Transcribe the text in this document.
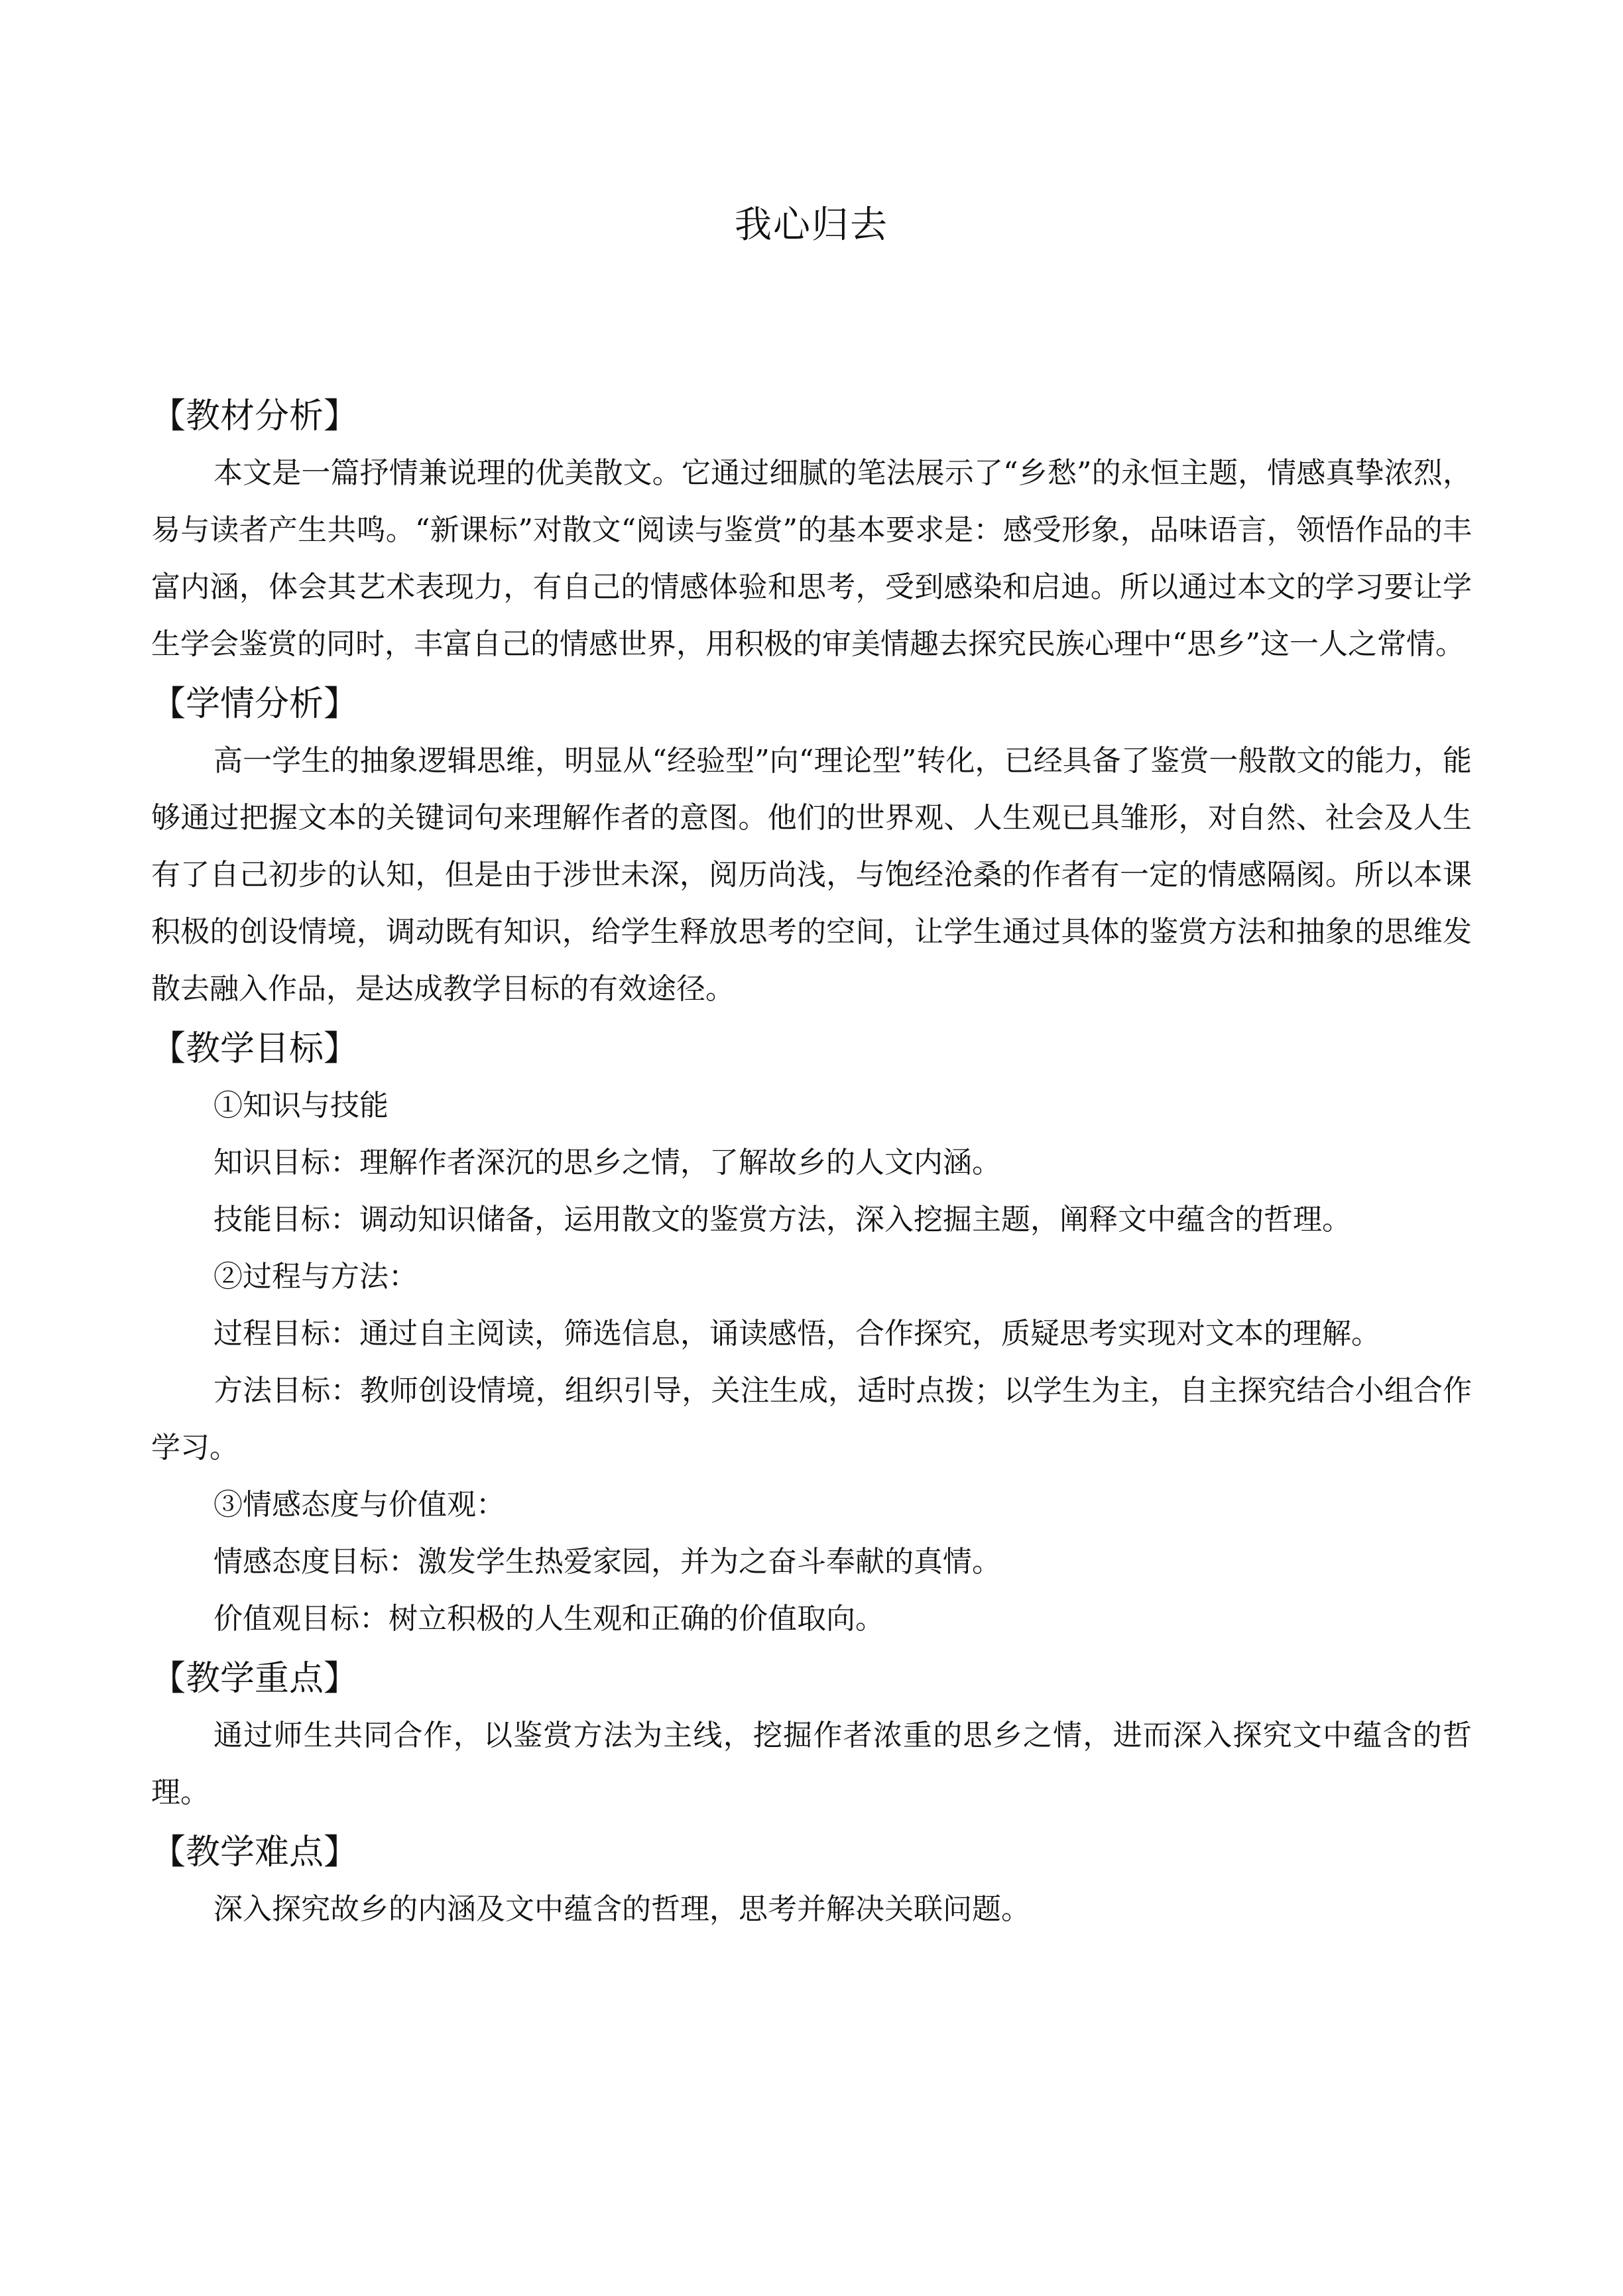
我心归去
【教材分析】

本文是一篇抒情兼说理的优美散文。它通过细腻的笔法展示了“乡愁”的永恒主题，情感真挚浓烈，易与读者产生共鸣。“新课标”对散文“阅读与鉴赏”的基本要求是：感受形象，品味语言，领悟作品的丰富内涵，体会其艺术表现力，有自己的情感体验和思考，受到感染和启迪。所以通过本文的学习要让学生学会鉴赏的同时，丰富自己的情感世界，用积极的审美情趣去探究民族心理中“思乡”这一人之常情。

【学情分析】

高一学生的抽象逻辑思维，明显从“经验型”向“理论型”转化，已经具备了鉴赏一般散文的能力，能够通过把握文本的关键词句来理解作者的意图。他们的世界观、人生观已具雏形，对自然、社会及人生有了自己初步的认知，但是由于涉世未深，阅历尚浅，与饱经沧桑的作者有一定的情感隔阂。所以本课积极的创设情境，调动既有知识，给学生释放思考的空间，让学生通过具体的鉴赏方法和抽象的思维发散去融入作品，是达成教学目标的有效途径。

【教学目标】

①知识与技能

知识目标：理解作者深沉的思乡之情，了解故乡的人文内涵。

技能目标：调动知识储备，运用散文的鉴赏方法，深入挖掘主题，阐释文中蕴含的哲理。

②过程与方法：

过程目标：通过自主阅读，筛选信息，诵读感悟，合作探究，质疑思考实现对文本的理解。

方法目标：教师创设情境，组织引导，关注生成，适时点拨；以学生为主，自主探究结合小组合作学习。

③情感态度与价值观：

情感态度目标：激发学生热爱家园，并为之奋斗奉献的真情。

价值观目标：树立积极的人生观和正确的价值取向。

【教学重点】

通过师生共同合作，以鉴赏方法为主线，挖掘作者浓重的思乡之情，进而深入探究文中蕴含的哲理。

【教学难点】

深入探究故乡的内涵及文中蕴含的哲理，思考并解决关联问题。
